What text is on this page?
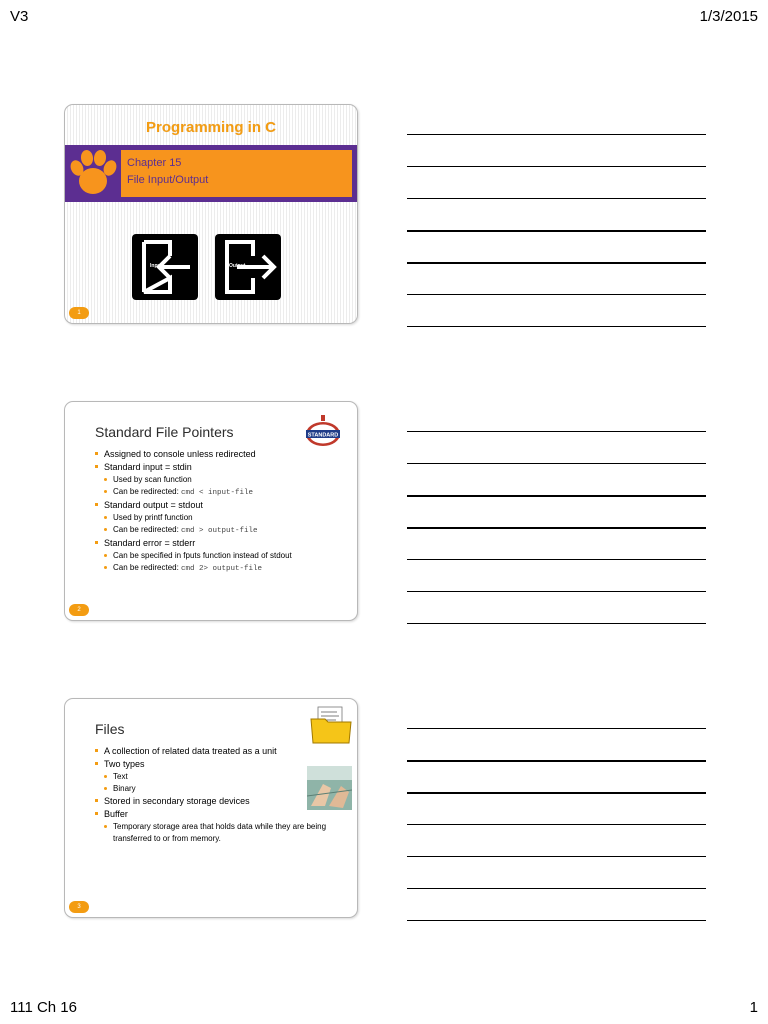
V3	1/3/2015
Programming in C
Chapter 15
File Input/Output
Input	Output
1
Standard File Pointers	STANDARD
Assigned to console unless redirected
Standard input = stdin
Used by scan function
Can be redirected: cmd < input-file
Standard output = stdout
Used by printf function
Can be redirected: cmd > output-file
Standard error = stderr
Can be specified in fputs function instead of stdout
Can be redirected: cmd 2> output-file
2
Files
A collection of related data treated as a unit
Two types
Text
Binary
Stored in secondary storage devices
Buffer
Temporary storage area that holds data while they are being transferred to or from memory.
3
111 Ch 16	1
